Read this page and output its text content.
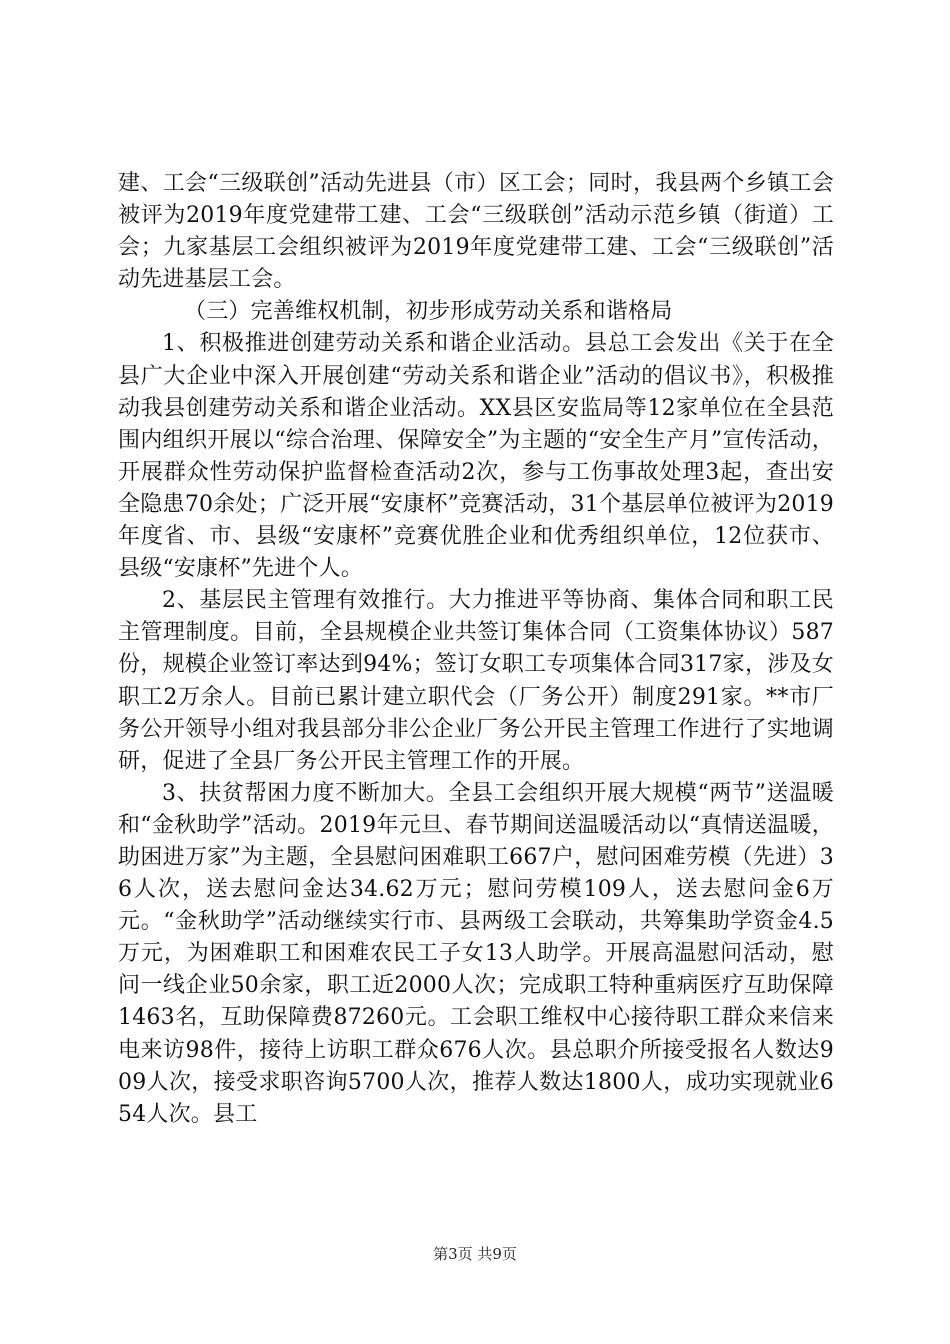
建、工会“三级联创”活动先进县（市）区工会；同时，我县两个乡镇工会被评为2019年度党建带工建、工会“三级联创”活动示范乡镇（街道）工会；九家基层工会组织被评为2019年度党建带工建、工会“三级联创”活动先进基层工会。

（三）完善维权机制，初步形成劳动关系和谐格局

1、积极推进创建劳动关系和谐企业活动。县总工会发出《关于在全县广大企业中深入开展创建“劳动关系和谐企业”活动的倡议书》，积极推动我县创建劳动关系和谐企业活动。XX县区安监局等12家单位在全县范围内组织开展以“综合治理、保障安全”为主题的“安全生产月”宣传活动，开展群众性劳动保护监督检查活动2次，参与工伤事故处理3起，查出安全隐患70余处；广泛开展“安康杯”竞赛活动，31个基层单位被评为2019年度省、市、县级“安康杯”竞赛优胜企业和优秀组织单位，12位获市、县级“安康杯”先进个人。

2、基层民主管理有效推行。大力推进平等协商、集体合同和职工民主管理制度。目前，全县规模企业共签订集体合同（工资集体协议）587份，规模企业签订率达到94%；签订女职工专项集体合同317家，涉及女职工2万余人。目前已累计建立职代会（厂务公开）制度291家。**市厂务公开领导小组对我县部分非公企业厂务公开民主管理工作进行了实地调研，促进了全县厂务公开民主管理工作的开展。

3、扶贫帮困力度不断加大。全县工会组织开展大规模“两节”送温暖和“金秋助学”活动。2019年元旦、春节期间送温暖活动以“真情送温暖，助困进万家”为主题，全县慰问困难职工667户，慰问困难劳模（先进）36人次，送去慰问金达34.62万元；慰问劳模109人，送去慰问金6万元。“金秋助学”活动继续实行市、县两级工会联动，共筹集助学资金4.5万元，为困难职工和困难农民工子女13人助学。开展高温慰问活动，慰问一线企业50余家，职工近2000人次；完成职工特种重病医疗互助保障1463名，互助保障费87260元。工会职工维权中心接待职工群众来信来电来访98件，接待上访职工群众676人次。县总职介所接受报名人数达909人次，接受求职咨询5700人次，推荐人数达1800人，成功实现就业654人次。县工

第3页 共9页
